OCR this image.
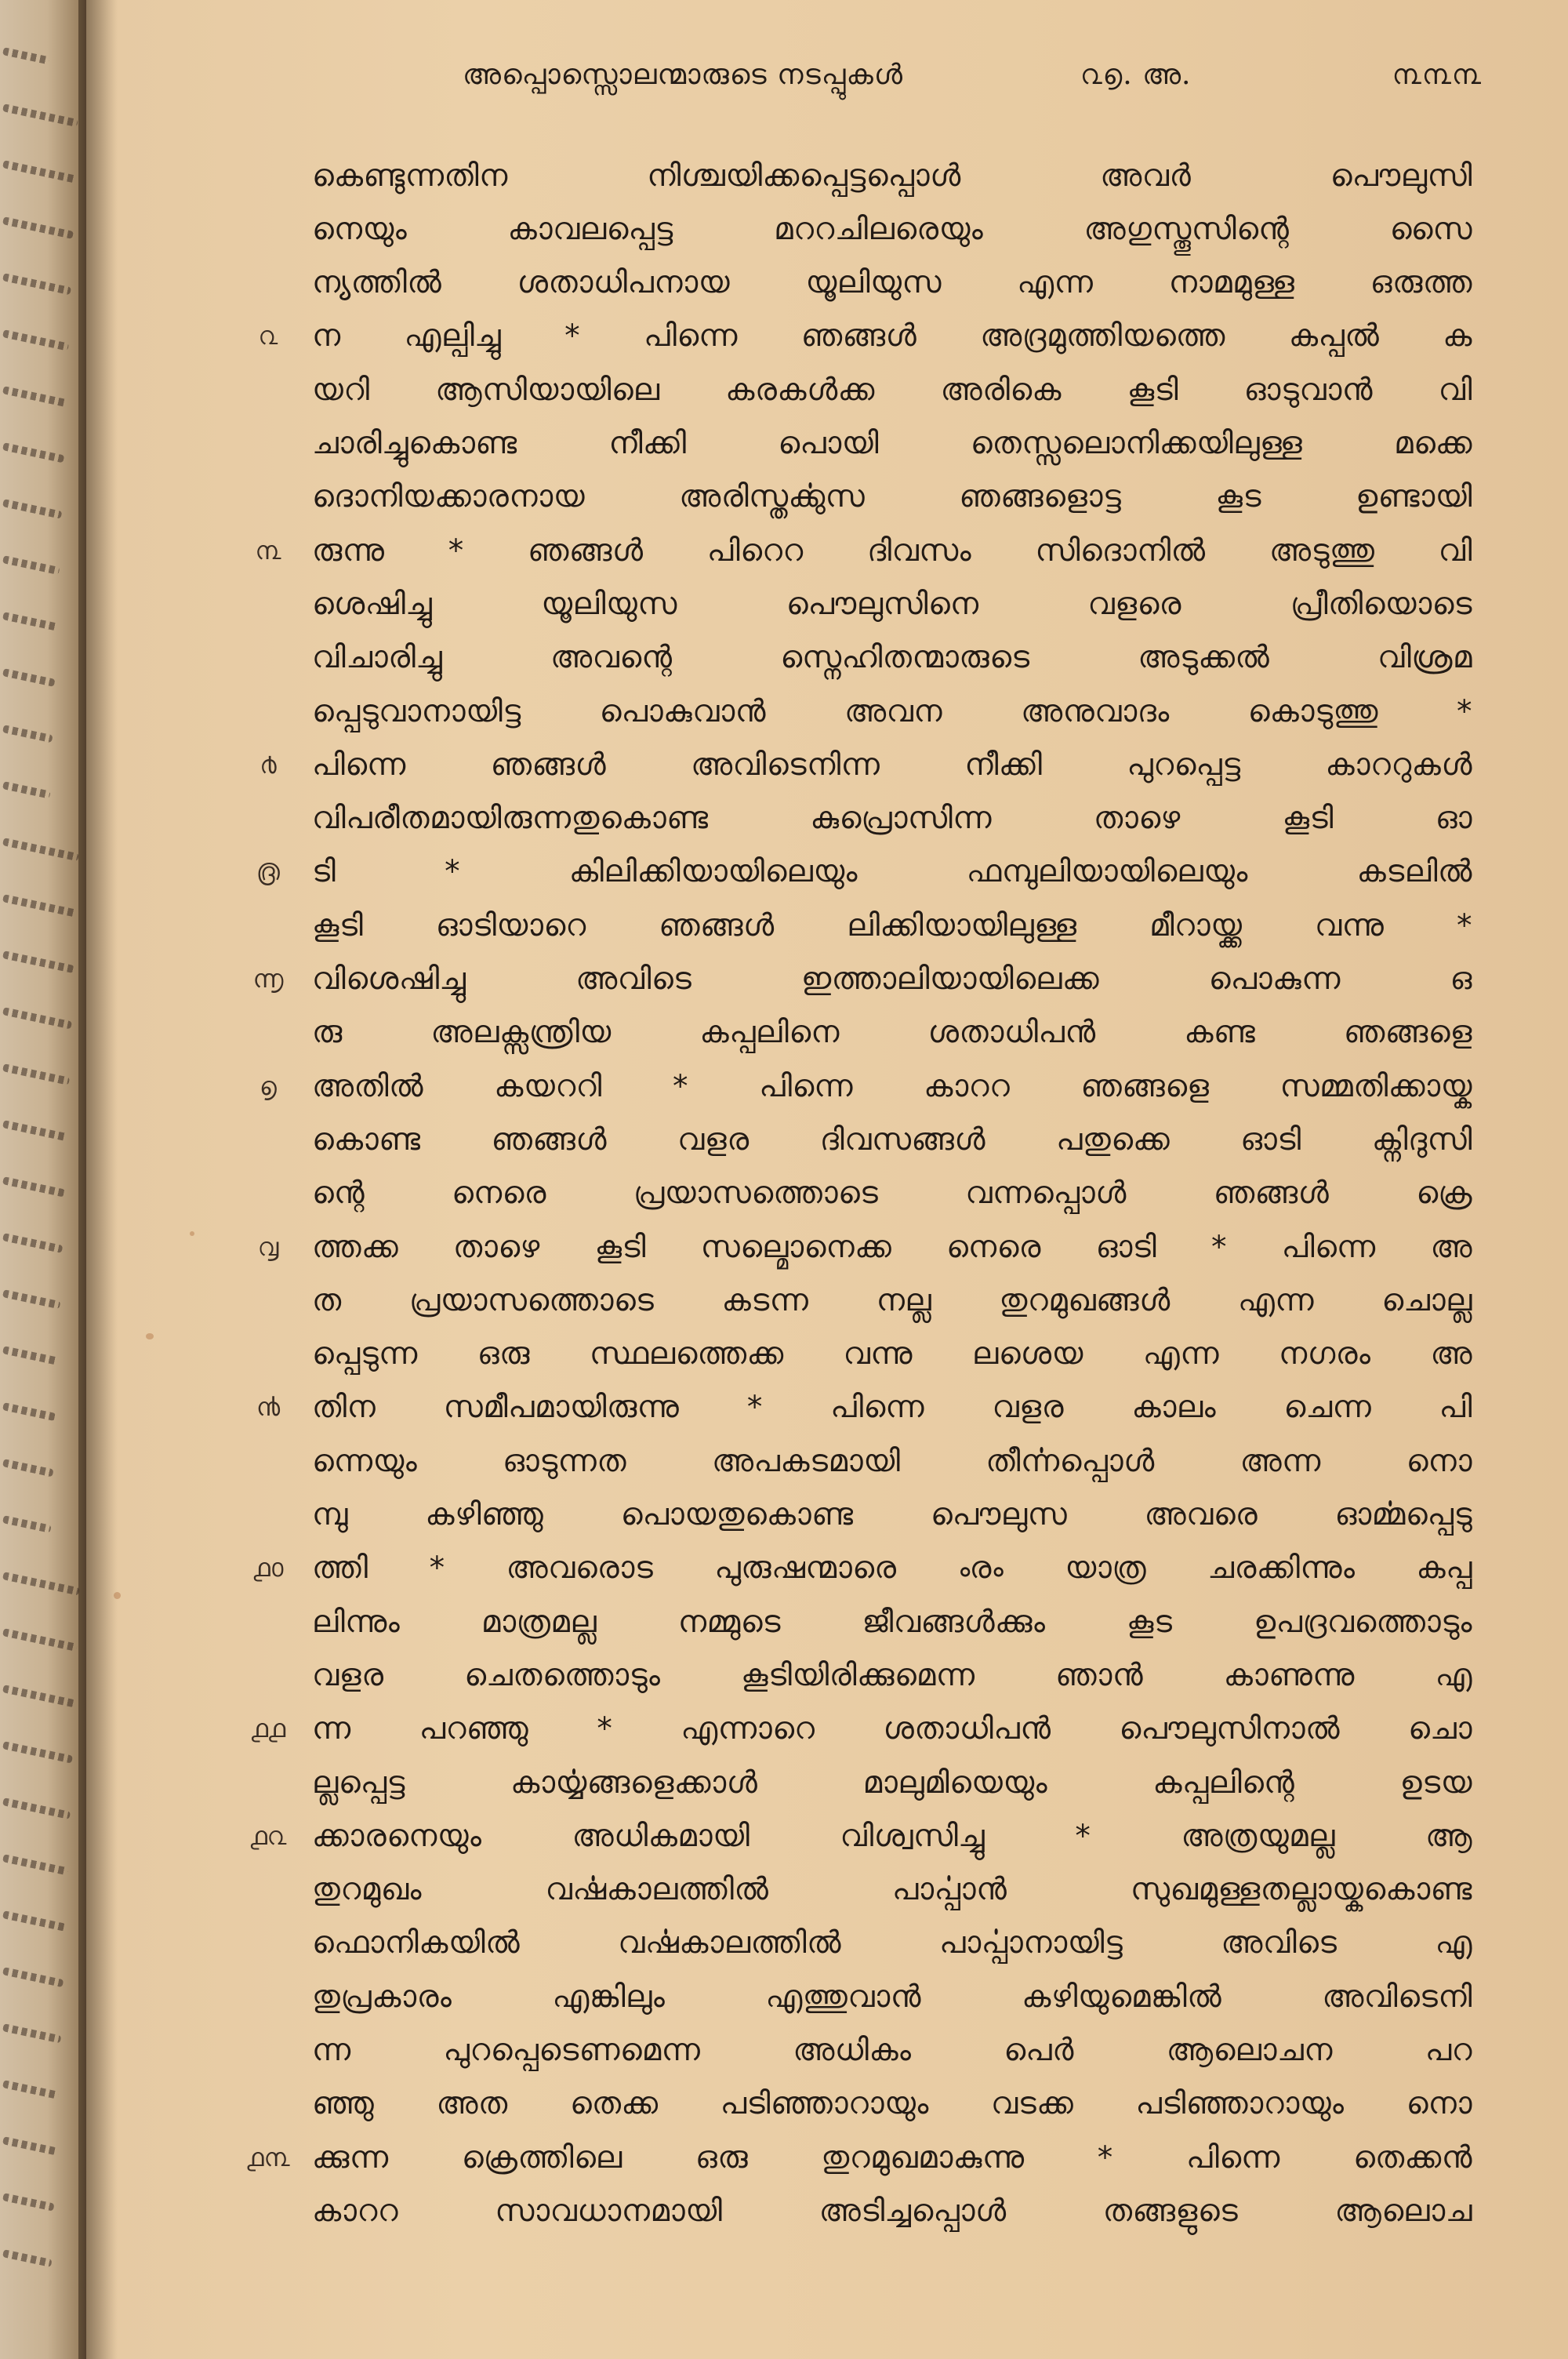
അപ്പൊസ്സൊലന്മാരുടെ നടപ്പുകൾ	൨൭. അ.	൩൩൩
കെണ്ടുന്നതിന നിശ്ചയിക്കപ്പെട്ടപ്പൊൾ അവർ പൌലുസി
നെയും കാവലപ്പെട്ട മററചിലരെയും അഗുസ്തൂസിന്റെ സൈ
ന്യത്തിൽ ശതാധിപനായ യൂലിയുസ എന്ന നാമമുള്ള ഒരുത്ത
൨	ന എല്പിച്ചു * പിന്നെ ഞങ്ങൾ അദ്രമുത്തിയത്തെ കപ്പൽ ക
യറി ആസിയായിലെ കരകൾക്ക അരികെ കൂടി ഓടുവാൻ വി
ചാരിച്ചുകൊണ്ട നീക്കി പൊയി തെസ്സലൊനിക്കയിലുള്ള മക്കെ
ദൊനിയക്കാരനായ അരിസ്തൎക്കുസ ഞങ്ങളൊട്ട കൂട ഉണ്ടായി
൩	രുന്നു * ഞങ്ങൾ പിറെറ ദിവസം സിദൊനിൽ അടുത്തു വി
ശെഷിച്ചു യൂലിയുസ പൌലുസിനെ വളരെ പ്രീതിയൊടെ
വിചാരിച്ചു അവന്റെ സ്നെഹിതന്മാരുടെ അടുക്കൽ വിശ്രമ
പ്പെടുവാനായിട്ട പൊകുവാൻ അവന അനുവാദം കൊടുത്തു *
൪	പിന്നെ ഞങ്ങൾ അവിടെനിന്ന നീക്കി പുറപ്പെട്ട കാററുകൾ
വിപരീതമായിരുന്നതുകൊണ്ട കുപ്രൊസിന്ന താഴെ കൂടി ഓ
൫	ടി * കിലിക്കിയായിലെയും ഫമ്പുലിയായിലെയും കടലിൽ
കൂടി ഓടിയാറെ ഞങ്ങൾ ലിക്കിയായിലുള്ള മീറായ്ക്ക വന്നു *
൬ വിശെഷിച്ചു അവിടെ ഇത്താലിയായിലെക്ക പൊകുന്ന ഒ
രു അലക്സന്ത്രിയ കപ്പലിനെ ശതാധിപൻ കണ്ട ഞങ്ങളെ
൭	അതിൽ കയററി * പിന്നെ കാററ ഞങ്ങളെ സമ്മതിക്കായ്ക
കൊണ്ട ഞങ്ങൾ വളര ദിവസങ്ങൾ പതുക്കെ ഓടി ക്നിദുസി
ന്റെ നെരെ പ്രയാസത്തൊടെ വന്നപ്പൊൾ ഞങ്ങൾ ക്രെ
൮	ത്തക്ക താഴെ കൂടി സല്മൊനെക്ക നെരെ ഓടി * പിന്നെ അ
ത പ്രയാസത്തൊടെ കടന്ന നല്ല തുറമുഖങ്ങൾ എന്ന ചൊല്ല
പ്പെടുന്ന ഒരു സ്ഥലത്തെക്ക വന്നു ലശെയ എന്ന നഗരം അ
൯	തിന സമീപമായിരുന്നു * പിന്നെ വളര കാലം ചെന്ന പി
ന്നെയും ഓടുന്നത അപകടമായി തീൎന്നപ്പൊൾ അന്ന നൊ
മ്പു കഴിഞ്ഞു പൊയതുകൊണ്ട പൌലുസ അവരെ ഓൎമ്മപ്പെടു
൧൦ ത്തി * അവരൊട പുരുഷന്മാരെ ൟ യാത്ര ചരക്കിന്നും കപ്പ
ലിന്നും മാത്രമല്ല നമ്മുടെ ജീവങ്ങൾക്കും കൂട ഉപദ്രവത്തൊടും
വളര ചെതത്തൊടും കൂടിയിരിക്കുമെന്ന ഞാൻ കാണുന്നു എ
൧൧ ന്ന പറഞ്ഞു * എന്നാറെ ശതാധിപൻ പൌലുസിനാൽ ചൊ
ല്ലപ്പെട്ട കാൎയ്യങ്ങളെക്കാൾ മാലുമിയെയും കപ്പലിന്റെ ഉടയ
൧൨ ക്കാരനെയും അധികമായി വിശ്വസിച്ചു * അത്രയുമല്ല ആ
തുറമുഖം വൎഷകാലത്തിൽ പാൎപ്പാൻ സുഖമുള്ളതല്ലായ്കകൊണ്ട
ഫൊനികയിൽ വൎഷകാലത്തിൽ പാൎപ്പാനായിട്ട അവിടെ എ
തുപ്രകാരം എങ്കിലും എത്തുവാൻ കഴിയുമെങ്കിൽ അവിടെനി
ന്ന പുറപ്പെടെണമെന്ന അധികം പെർ ആലൊചന പറ
ഞ്ഞു അത തെക്ക പടിഞ്ഞാറായും വടക്ക പടിഞ്ഞാറായും നൊ
൧൩ ക്കുന്ന ക്രെത്തിലെ ഒരു തുറമുഖമാകുന്നു * പിന്നെ തെക്കൻ
കാററ സാവധാനമായി അടിച്ചപ്പൊൾ തങ്ങളുടെ ആലൊച
